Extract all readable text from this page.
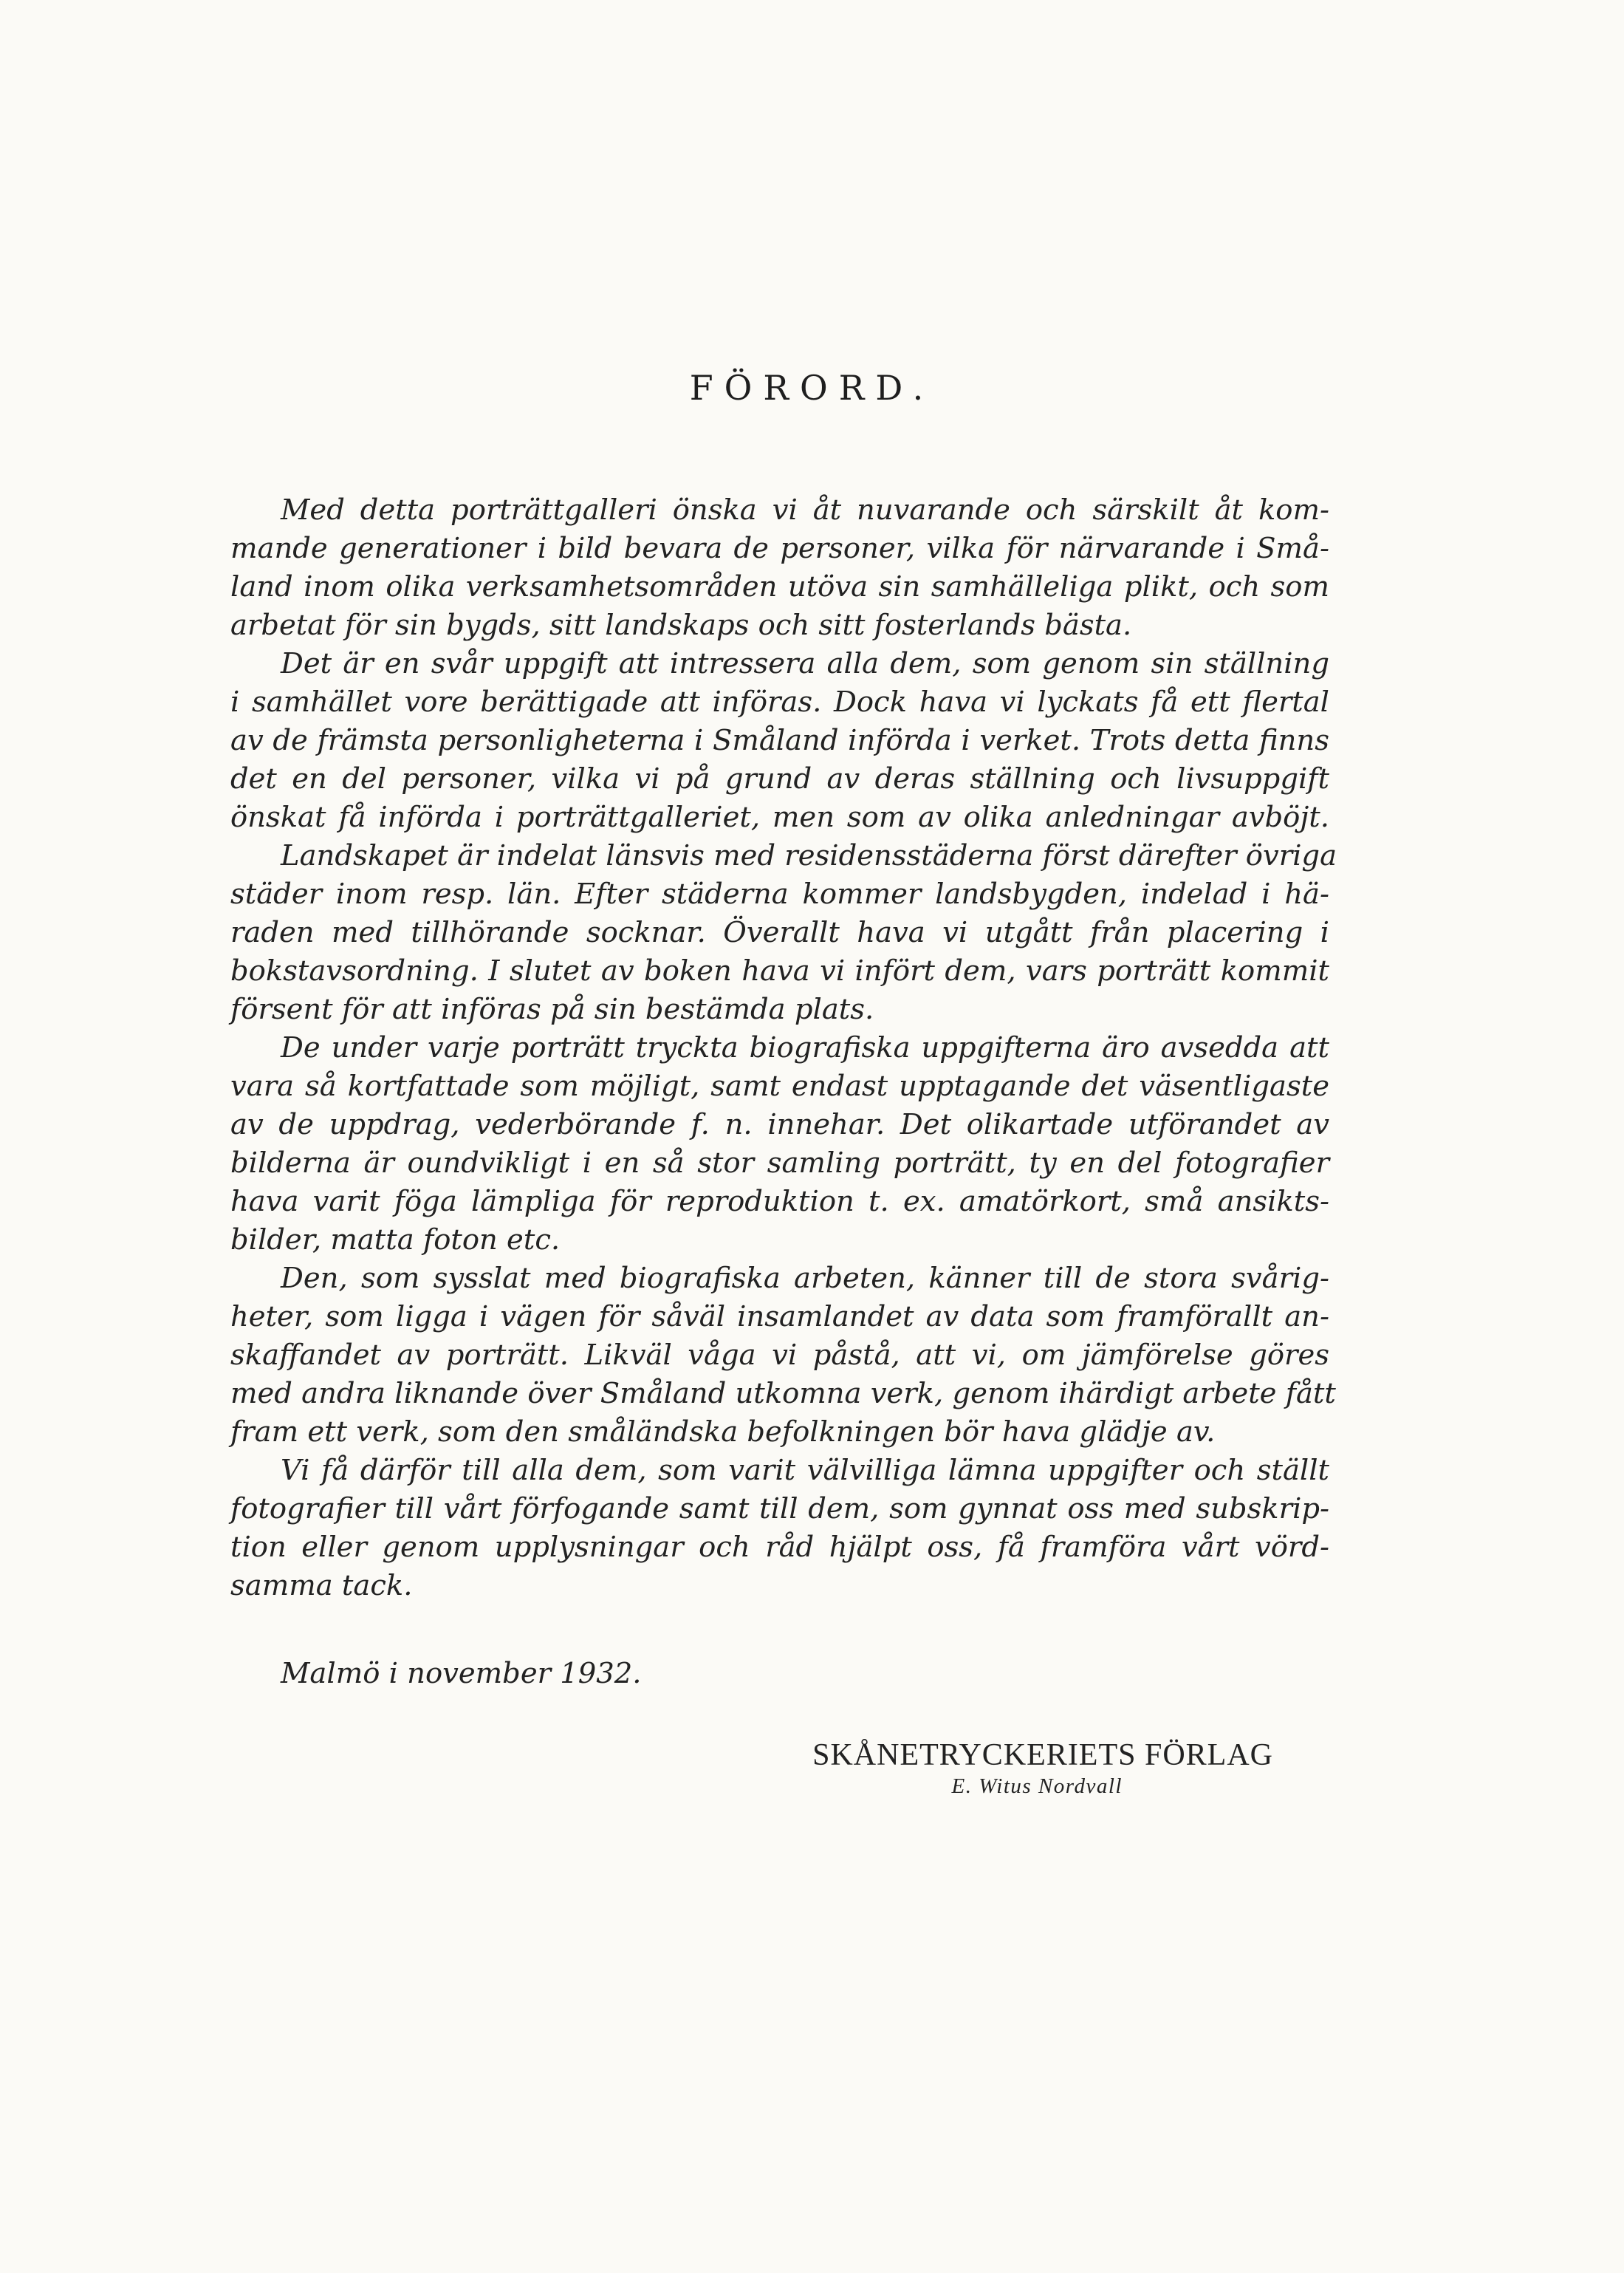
FÖRORD.
Med detta porträttgalleri önska vi åt nuvarande och särskilt åt kom-
mande generationer i bild bevara de personer, vilka för närvarande i Små-
land inom olika verksamhetsområden utöva sin samhälleliga plikt, och som
arbetat för sin bygds, sitt landskaps och sitt fosterlands bästa.
Det är en svår uppgift att intressera alla dem, som genom sin ställning
i samhället vore berättigade att införas. Dock hava vi lyckats få ett flertal
av de främsta personligheterna i Småland införda i verket. Trots detta finns
det en del personer, vilka vi på grund av deras ställning och livsuppgift
önskat få införda i porträttgalleriet, men som av olika anledningar avböjt.
Landskapet är indelat länsvis med residensstäderna först därefter övriga
städer inom resp. län. Efter städerna kommer landsbygden, indelad i hä-
raden med tillhörande socknar. Överallt hava vi utgått från placering i
bokstavsordning. I slutet av boken hava vi infört dem, vars porträtt kommit
försent för att införas på sin bestämda plats.
De under varje porträtt tryckta biografiska uppgifterna äro avsedda att
vara så kortfattade som möjligt, samt endast upptagande det väsentligaste
av de uppdrag, vederbörande f. n. innehar. Det olikartade utförandet av
bilderna är oundvikligt i en så stor samling porträtt, ty en del fotografier
hava varit föga lämpliga för reproduktion t. ex. amatörkort, små ansikts-
bilder, matta foton etc.
Den, som sysslat med biografiska arbeten, känner till de stora svårig-
heter, som ligga i vägen för såväl insamlandet av data som framförallt an-
skaffandet av porträtt. Likväl våga vi påstå, att vi, om jämförelse göres
med andra liknande över Småland utkomna verk, genom ihärdigt arbete fått
fram ett verk, som den småländska befolkningen bör hava glädje av.
Vi få därför till alla dem, som varit välvilliga lämna uppgifter och ställt
fotografier till vårt förfogande samt till dem, som gynnat oss med subskrip-
tion eller genom upplysningar och råd hjälpt oss, få framföra vårt vörd-
samma tack.
Malmö i november 1932.
SKÅNETRYCKERIETS FÖRLAG
E. Witus Nordvall
